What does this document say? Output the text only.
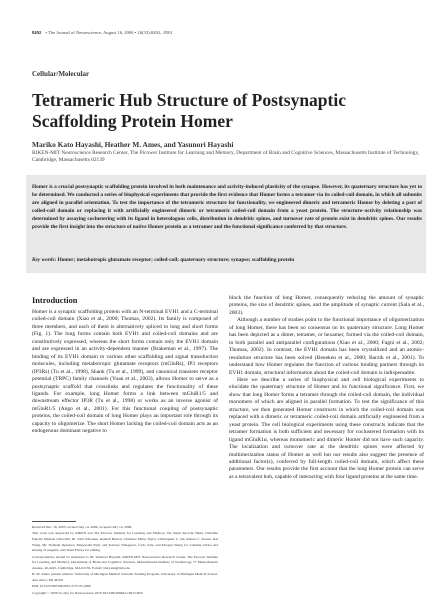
8492 • The Journal of Neuroscience, August 16, 2006 • 26(33):8492– 8501
Cellular/Molecular
Tetrameric Hub Structure of Postsynaptic Scaffolding Protein Homer
Mariko Kato Hayashi, Heather M. Ames, and Yasunori Hayashi
RIKEN-MIT Neuroscience Research Center, The Picower Institute for Learning and Memory, Department of Brain and Cognitive Sciences, Massachusetts Institute of Technology, Cambridge, Massachusetts 02139
Homer is a crucial postsynaptic scaffolding protein involved in both maintenance and activity-induced plasticity of the synapse. However, its quaternary structure has yet to be determined. We conducted a series of biophysical experiments that provide the first evidence that Homer forms a tetramer via its coiled-coil domain, in which all subunits are aligned in parallel orientation. To test the importance of the tetrameric structure for functionality, we engineered dimeric and tetrameric Homer by deleting a part of coiled-coil domain or replacing it with artificially engineered dimeric or tetrameric coiled-coil domain from a yeast protein. The structure–activity relationship was determined by assaying coclustering with its ligand in heterologous cells, distribution in dendritic spines, and turnover rate of protein exist in dendritic spines. Our results provide the first insight into the structure of native Homer protein as a tetramer and the functional significance conferred by that structure.
Key words: Homer; metabotropic glutamate receptor; coiled-coil; quaternary structure; synapse; scaffolding protein
Introduction

Homer is a synaptic scaffolding protein with an N-terminal EVH1 and a C-terminal coiled-coil domain (Xiao et al., 2000; Thomas, 2002). Its family is composed of three members, and each of them is alternatively spliced to long and short forms (Fig. 1). The long forms contain both EVH1 and coiled-coil domains and are constitutively expressed, whereas the short forms contain only the EVH1 domain and are expressed in an activity-dependent manner (Brakeman et al., 1997). The binding of its EVH1 domain to various other scaffolding and signal transduction molecules, including metabotropic glutamate receptors (mGluRs), IP3 receptors (IP3Rs) (Tu et al., 1998), Shank (Tu et al., 1999), and canonical transient receptor potential (TRPC) family channels (Yuan et al., 2003), allows Homer to serve as a postsynaptic scaffold that crosslinks and regulates the functionality of these ligands. For example, long Homer forms a link between mGluR1/5 and downstream effector IP3R (Tu et al., 1998) or works as an inverse agonist of mGluR1/5 (Ango et al., 2001). For this functional coupling of postsynaptic proteins, the coiled-coil domain of long Homer plays an important role through its capacity to oligomerize. The short Homer lacking the coiled-coil domain acts as an endogenous dominant negative to

block the function of long Homer, consequently reducing the amount of synaptic proteins, the size of dendritic spines, and the amplitude of synaptic current (Sala et al., 2003).

Although a number of studies point to the functional importance of oligomerization of long Homer, there has been no consensus on its quaternary structure. Long Homer has been depicted as a dimer, tetramer, or hexamer, formed via the coiled-coil domain, in both parallel and antiparallel configurations (Xiao et al., 2000; Fagni et al., 2002; Thomas, 2002). In contrast, the EVH1 domain has been crystallized and an atomic-resolution structure has been solved (Beneken et al., 2000; Barzik et al., 2001). To understand how Homer regulates the function of various binding partners through its EVH1 domain, structural information about the coiled-coil domain is indispensable.

Here we describe a series of biophysical and cell biological experiments to elucidate the quaternary structure of Homer and its functional significance. First, we show that long Homer forms a tetramer through the coiled-coil domain, the individual monomers of which are aligned in parallel formation. To test the significance of this structure, we then generated Homer constructs in which the coiled-coil domain was replaced with a dimeric or tetrameric coiled-coil domain artificially engineered from a yeast protein. The cell biological experiments using these constructs indicate that the tetramer formation is both sufficient and necessary for coclustered formation with its ligand mGluR1α, whereas monomeric and dimeric Homer did not have such capacity. The localization and turnover rate at the dendritic spines were affected by multimerization status of Homer as well but our results also suggest the presence of additional factor(s), conferred by full-length coiled-coil domain, which affect these parameters. Our results provide the first account that the long Homer protein can serve as a tetravalent hub, capable of interacting with four ligand proteins at the same time.

Received Dec. 16, 2005; revised July 14, 2006; accepted July 14, 2006.

This work was supported by RIKEN and The Picower Institute for Learning and Memory. We thank Jun-ichi Shizu, Christine Fanelli, Michael Churchill, Dr. John Schouten, Randall Burton, Christine Marie Taylor, Christopher C. Ou, Robert C. Suarez, Kai Wang, Mr. Nobushi Ogasawa, Shigeyoshi Fujii, and Tomoyo Nakagawa, Carlo Sala, and Morgan Sheng for valuable advice and sharing of reagents, and Team Emory for editing.

Correspondence should be addressed to Dr. Yasunori Hayashi, RIKEN-MIT Neuroscience Research Center, The Picower Institute for Learning and Memory, Department of Brain and Cognitive Sciences, Massachusetts Institute of Technology, 77 Massachusetts Avenue, 46-4245, Cambridge, MA 02139. E-mail: yhayashi@mit.edu.

H. M. Ames' present address: University of Michigan Medical Scientist Training Program, University of Michigan Medical School, Ann Arbor, MI 48109.

DOI:10.1523/JNEUROSCI.2757-05.2006

Copyright © 2006 Society for Neuroscience 0270-6474/06/268492-10$15.00/0
